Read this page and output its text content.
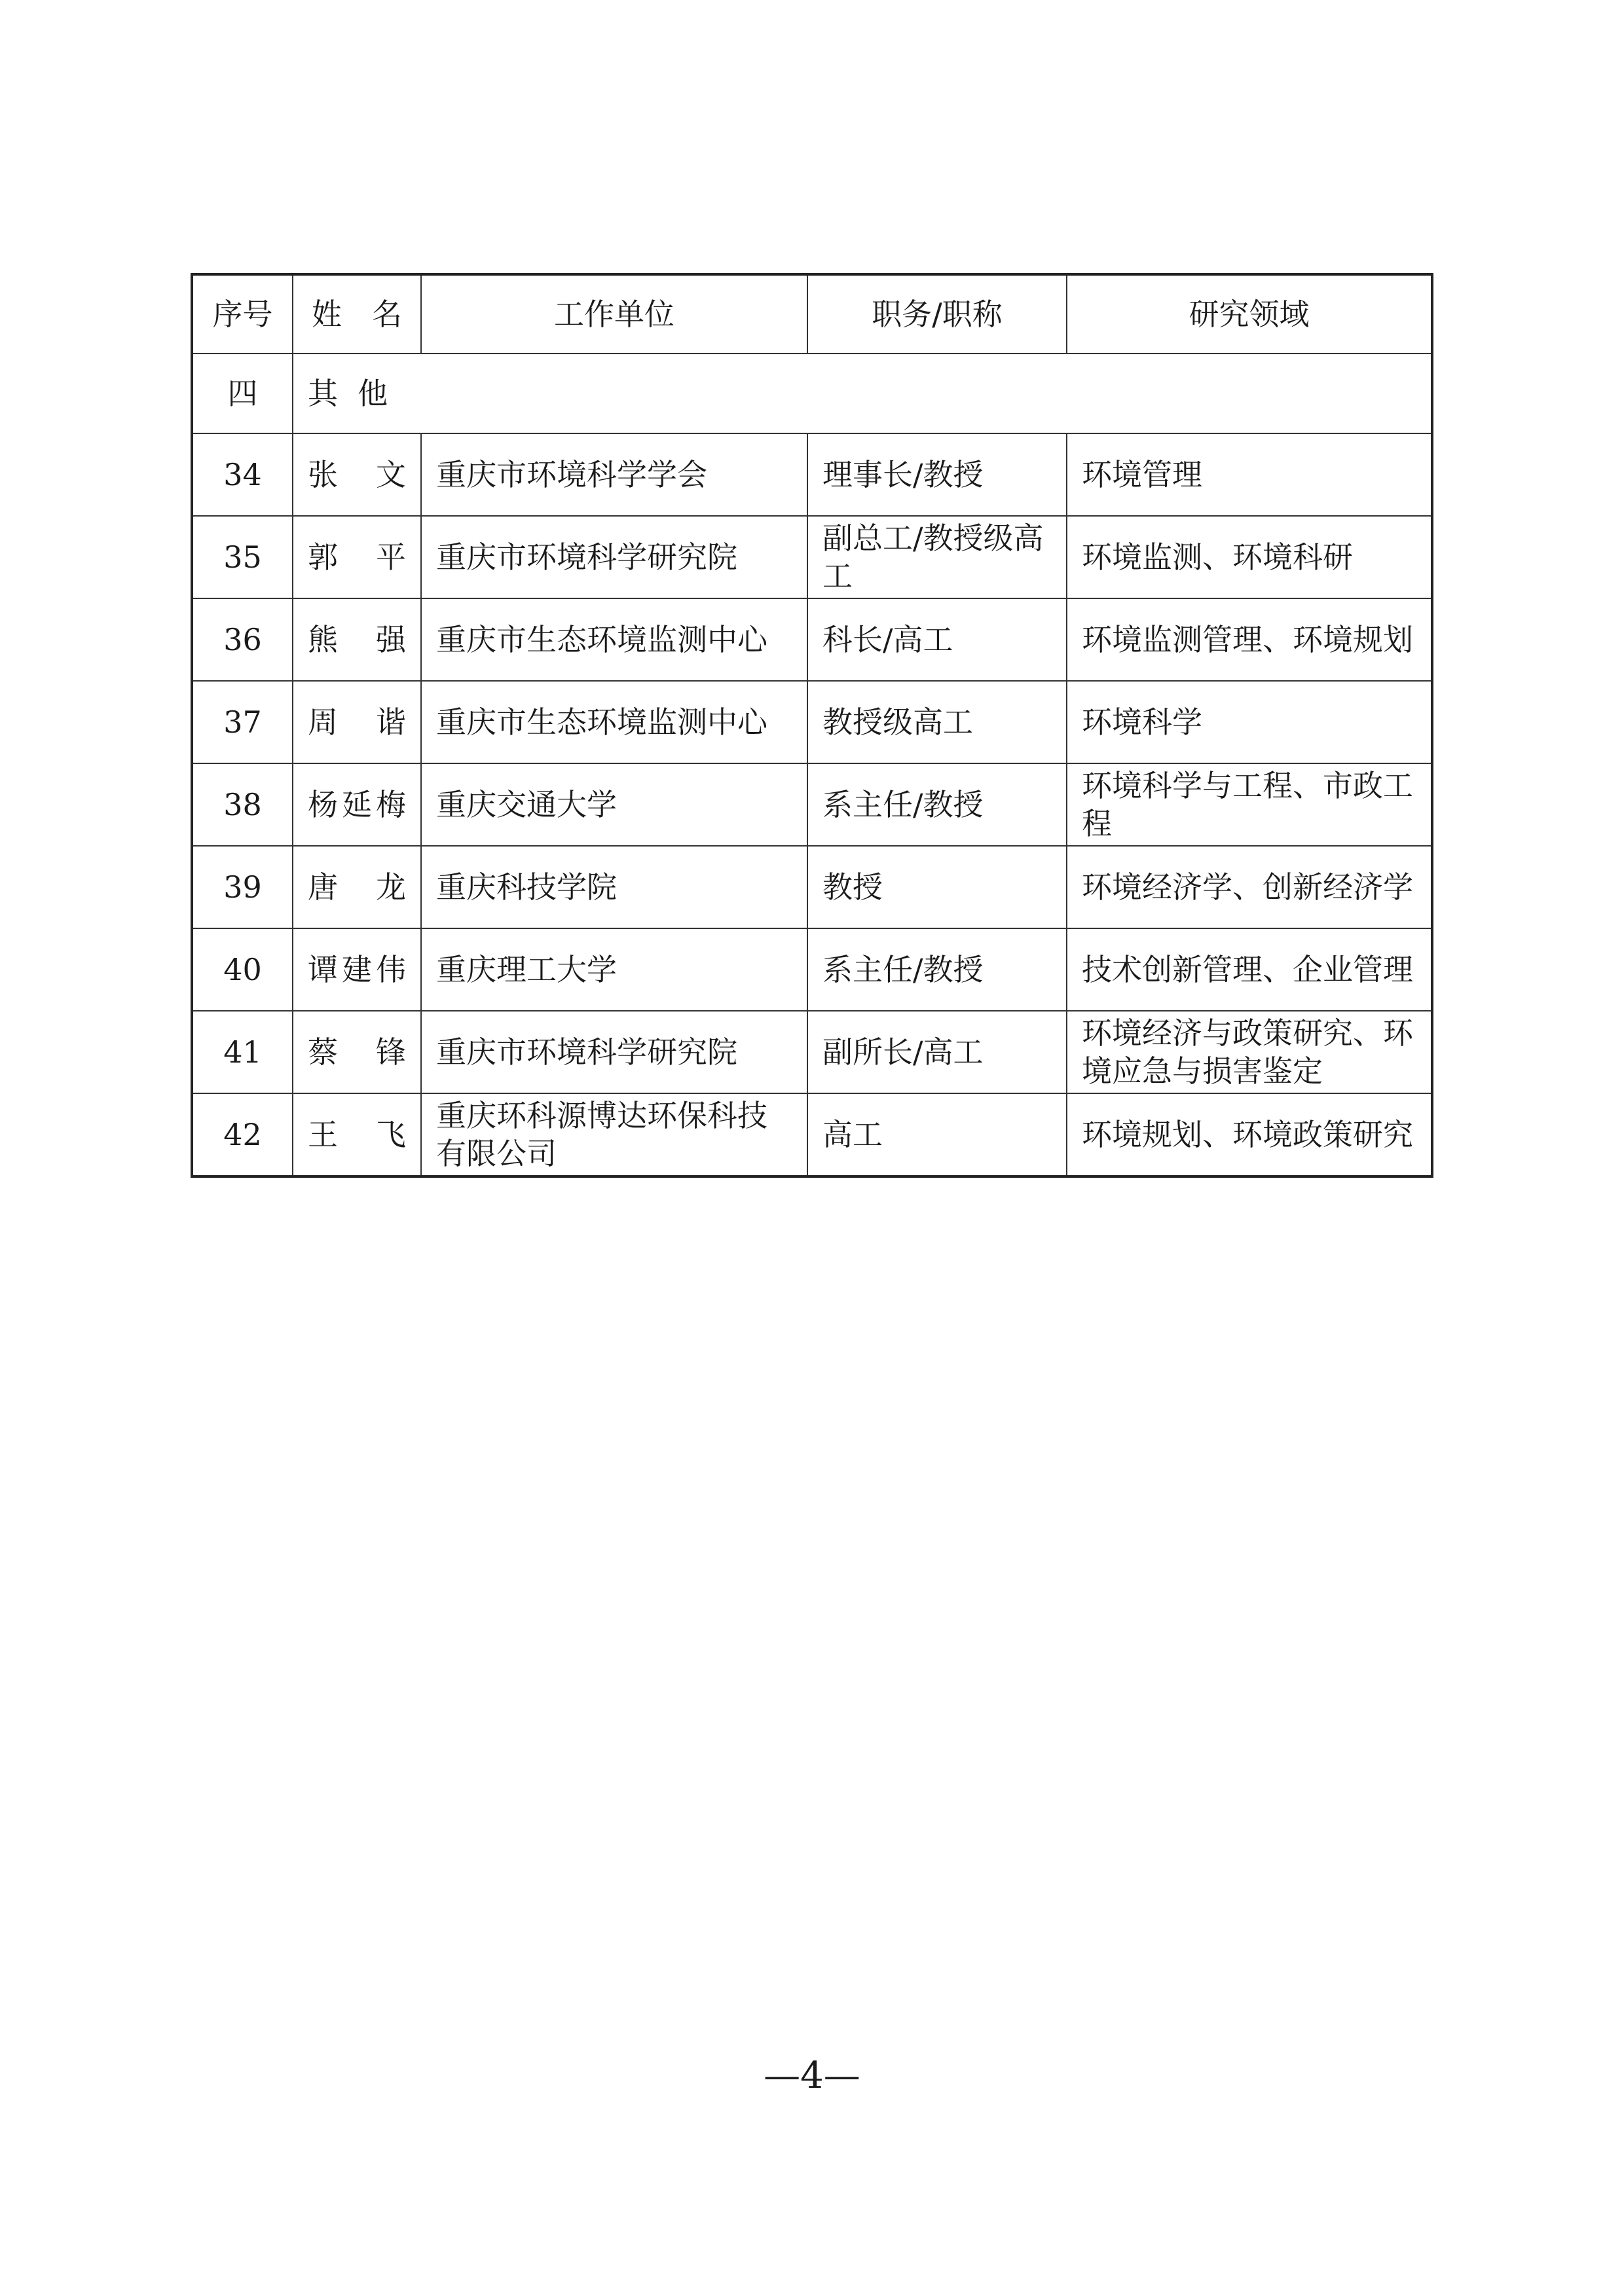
序号	姓　名	工作单位	职务/职称	研究领域
四	其他			
34	张文	重庆市环境科学学会	理事长/教授	环境管理
35	郭平	重庆市环境科学研究院	副总工/教授级高工	环境监测、环境科研
36	熊强	重庆市生态环境监测中心	科长/高工	环境监测管理、环境规划
37	周谐	重庆市生态环境监测中心	教授级高工	环境科学
38	杨延梅	重庆交通大学	系主任/教授	环境科学与工程、市政工程
39	唐龙	重庆科技学院	教授	环境经济学、创新经济学
40	谭建伟	重庆理工大学	系主任/教授	技术创新管理、企业管理
41	蔡锋	重庆市环境科学研究院	副所长/高工	环境经济与政策研究、环境应急与损害鉴定
42	王飞	重庆环科源博达环保科技有限公司	高工	环境规划、环境政策研究
—4—
